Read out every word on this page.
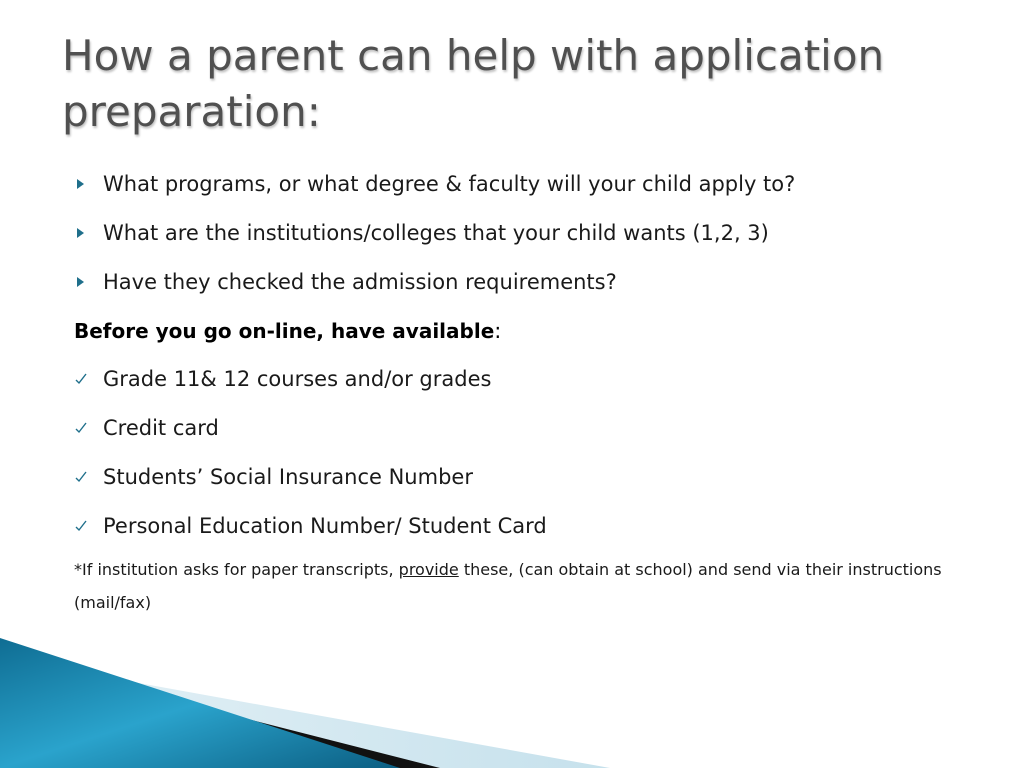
How a parent can help with application preparation:
What programs, or what degree & faculty will your child apply to?
What are the institutions/colleges that your child wants (1,2, 3)
Have they checked the admission requirements?
Before you go on-line, have available:
Grade 11& 12 courses and/or grades
Credit card
Students’ Social Insurance Number
Personal Education Number/ Student Card
*If institution asks for paper transcripts, provide these, (can obtain at school) and send via their instructions (mail/fax)
